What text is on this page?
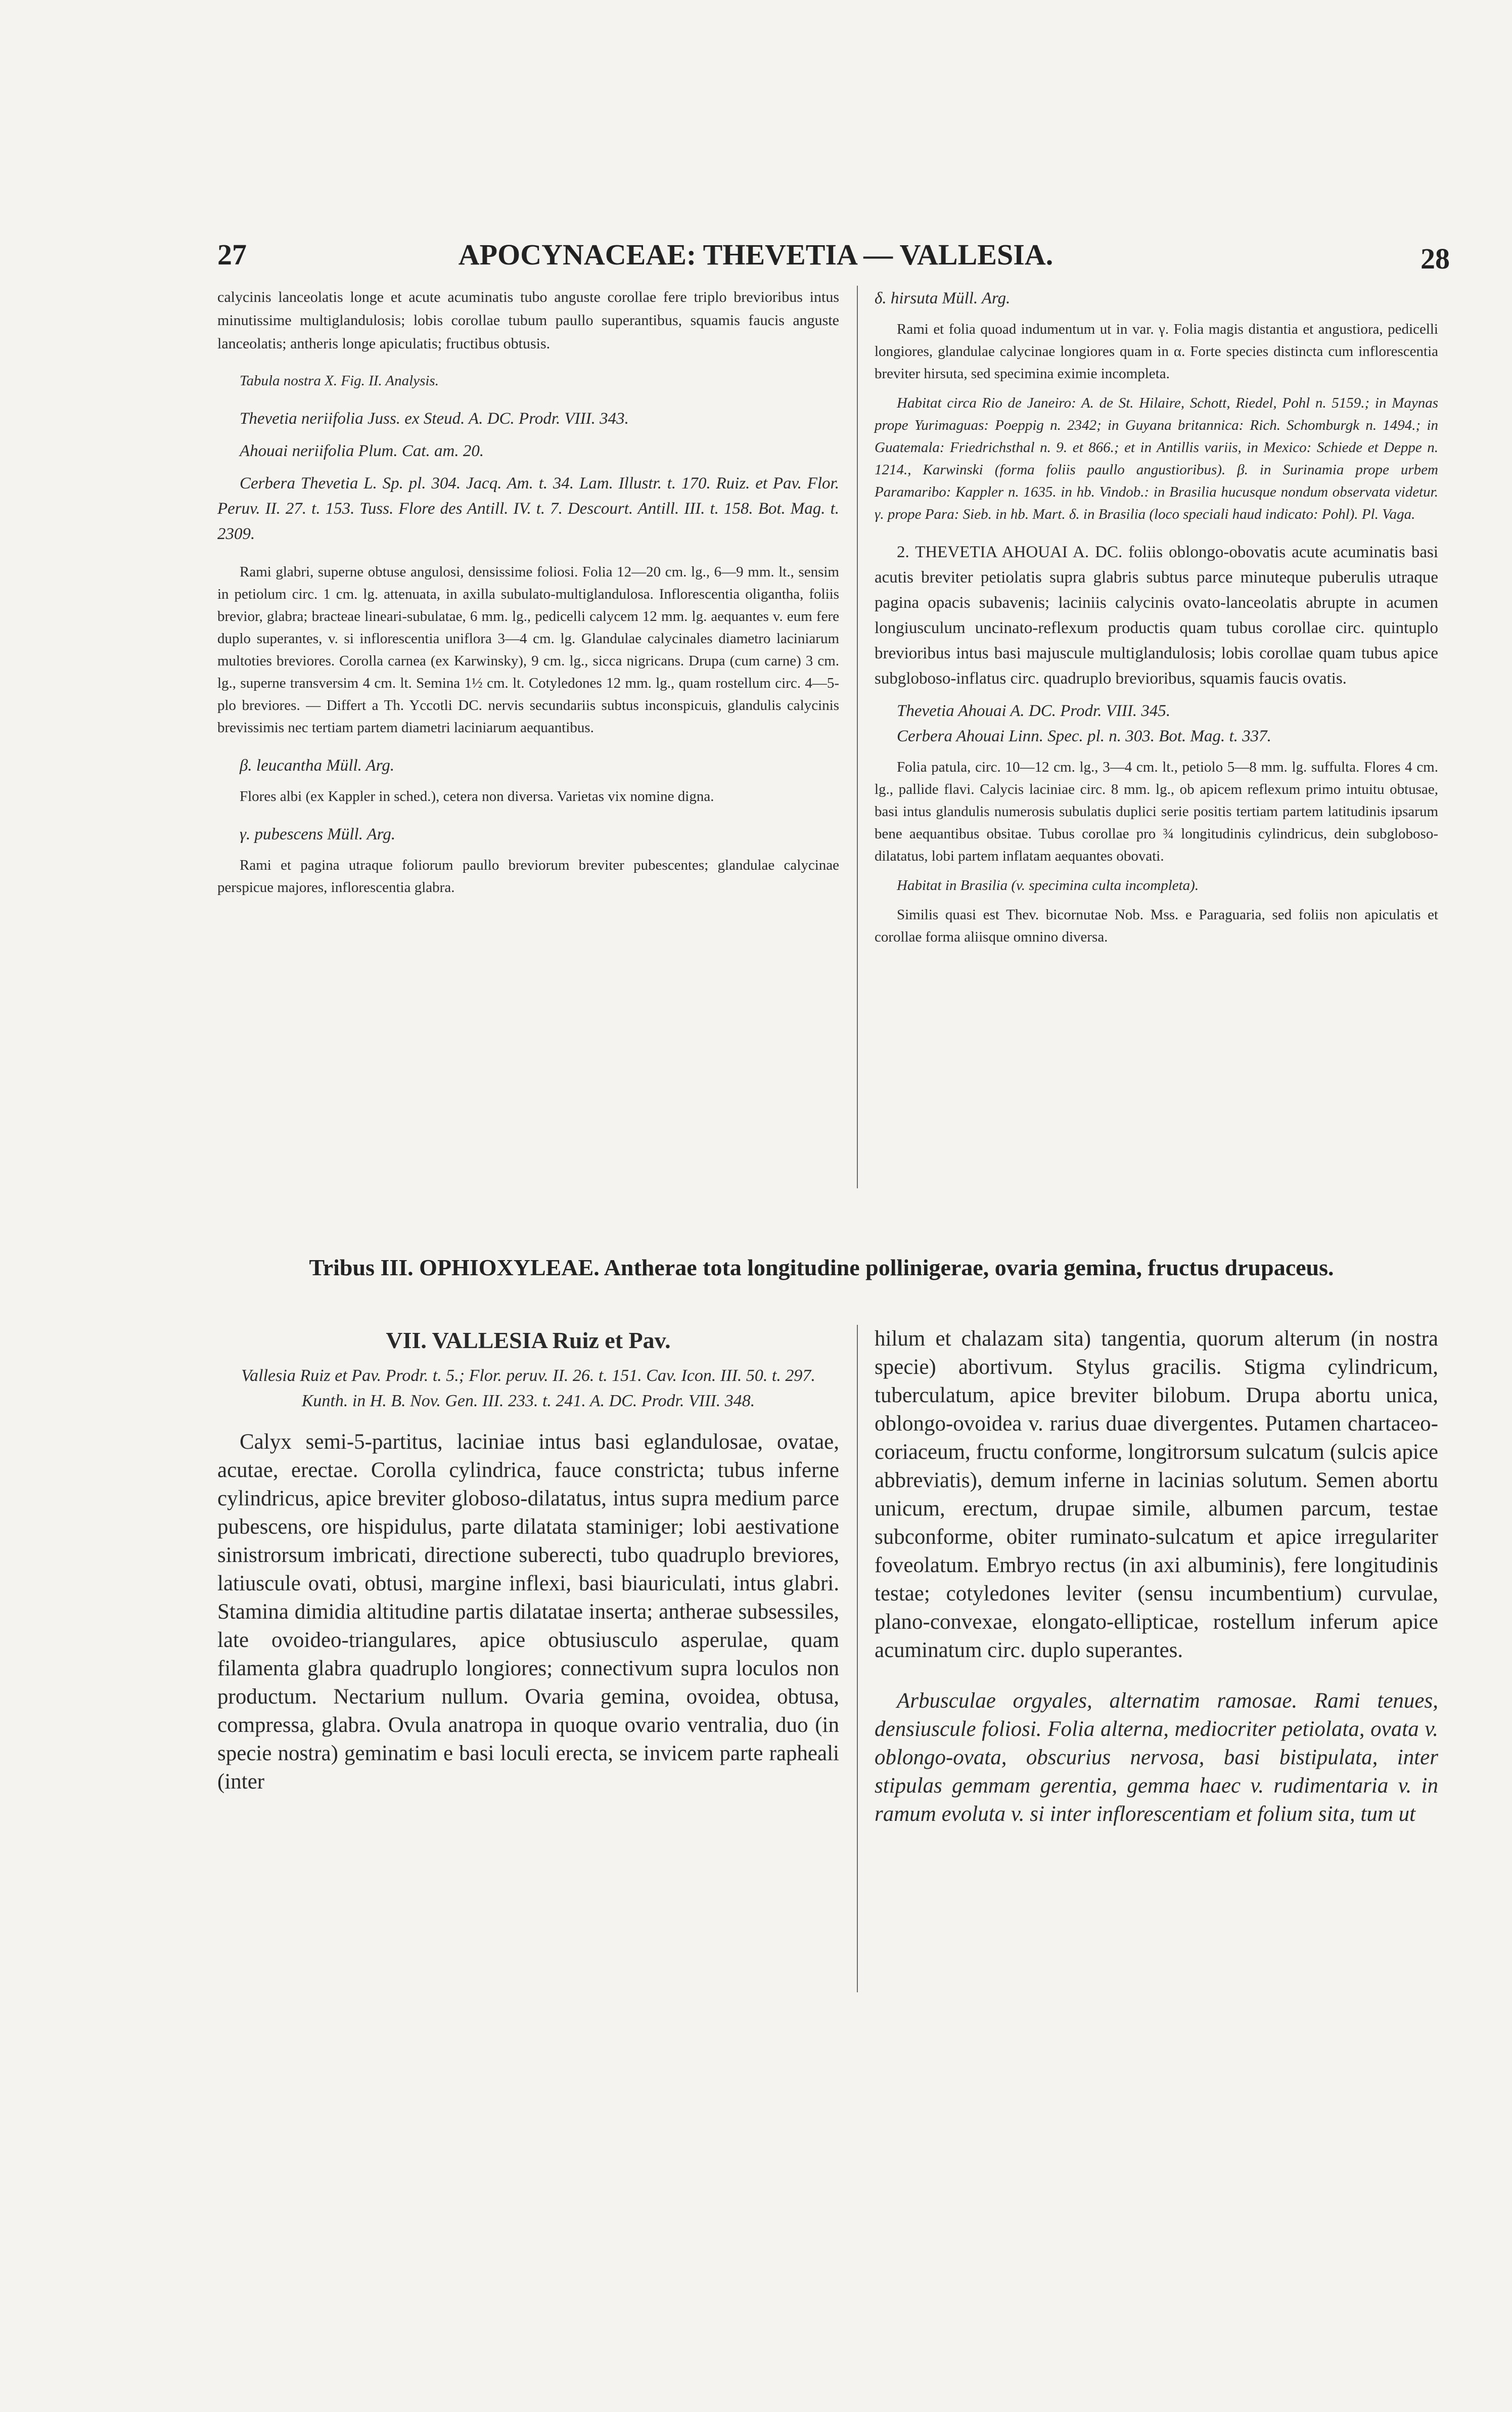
27	APOCYNACEAE: THEVETIA — VALLESIA.	28

calycinis lanceolatis longe et acute acuminatis tubo anguste corollae fere triplo brevioribus intus minutissime multiglandulosis; lobis corollae tubum paullo superantibus, squamis faucis anguste lanceolatis; antheris longe apiculatis; fructibus obtusis.

Tabula nostra X. Fig. II. Analysis.

Thevetia neriifolia Juss. ex Steud. A. DC. Prodr. VIII. 343.

Ahouai neriifolia Plum. Cat. am. 20.

Cerbera Thevetia L. Sp. pl. 304. Jacq. Am. t. 34. Lam. Illustr. t. 170. Ruiz. et Pav. Flor. Peruv. II. 27. t. 153. Tuss. Flore des Antill. IV. t. 7. Descourt. Antill. III. t. 158. Bot. Mag. t. 2309.

Rami glabri, superne obtuse angulosi, densissime foliosi. Folia 12—20 cm. lg., 6—9 mm. lt., sensim in petiolum circ. 1 cm. lg. attenuata, in axilla subulato-multiglandulosa. Inflorescentia oligantha, foliis brevior, glabra; bracteae lineari-subulatae, 6 mm. lg., pedicelli calycem 12 mm. lg. aequantes v. eum fere duplo superantes, v. si inflorescentia uniflora 3—4 cm. lg. Glandulae calycinales diametro laciniarum multoties breviores. Corolla carnea (ex Karwinsky), 9 cm. lg., sicca nigricans. Drupa (cum carne) 3 cm. lg., superne transversim 4 cm. lt. Semina 1½ cm. lt. Cotyledones 12 mm. lg., quam rostellum circ. 4—5-plo breviores. — Differt a Th. Yccotli DC. nervis secundariis subtus inconspicuis, glandulis calycinis brevissimis nec tertiam partem diametri laciniarum aequantibus.

β. leucantha Müll. Arg.

Flores albi (ex Kappler in sched.), cetera non diversa. Varietas vix nomine digna.

γ. pubescens Müll. Arg.

Rami et pagina utraque foliorum paullo breviorum breviter pubescentes; glandulae calycinae perspicue majores, inflorescentia glabra.

δ. hirsuta Müll. Arg.

Rami et folia quoad indumentum ut in var. γ. Folia magis distantia et angustiora, pedicelli longiores, glandulae calycinae longiores quam in α. Forte species distincta cum inflorescentia breviter hirsuta, sed specimina eximie incompleta.

Habitat circa Rio de Janeiro: A. de St. Hilaire, Schott, Riedel, Pohl n. 5159.; in Maynas prope Yurimaguas: Poeppig n. 2342; in Guyana britannica: Rich. Schomburgk n. 1494.; in Guatemala: Friedrichsthal n. 9. et 866.; et in Antillis variis, in Mexico: Schiede et Deppe n. 1214., Karwinski (forma foliis paullo angustioribus). β. in Surinamia prope urbem Paramaribo: Kappler n. 1635. in hb. Vindob.: in Brasilia hucusque nondum observata videtur. γ. prope Para: Sieb. in hb. Mart. δ. in Brasilia (loco speciali haud indicato: Pohl). Pl. Vaga.

2. THEVETIA AHOUAI A. DC. foliis oblongo-obovatis acute acuminatis basi acutis breviter petiolatis supra glabris subtus parce minuteque puberulis utraque pagina opacis subavenis; laciniis calycinis ovato-lanceolatis abrupte in acumen longiusculum uncinato-reflexum productis quam tubus corollae circ. quintuplo brevioribus intus basi majuscule multiglandulosis; lobis corollae quam tubus apice subgloboso-inflatus circ. quadruplo brevioribus, squamis faucis ovatis.

Thevetia Ahouai A. DC. Prodr. VIII. 345.

Cerbera Ahouai Linn. Spec. pl. n. 303. Bot. Mag. t. 337.

Folia patula, circ. 10—12 cm. lg., 3—4 cm. lt., petiolo 5—8 mm. lg. suffulta. Flores 4 cm. lg., pallide flavi. Calycis laciniae circ. 8 mm. lg., ob apicem reflexum primo intuitu obtusae, basi intus glandulis numerosis subulatis duplici serie positis tertiam partem latitudinis ipsarum bene aequantibus obsitae. Tubus corollae pro ¾ longitudinis cylindricus, dein subgloboso-dilatatus, lobi partem inflatam aequantes obovati.

Habitat in Brasilia (v. specimina culta incompleta).

Similis quasi est Thev. bicornutae Nob. Mss. e Paraguaria, sed foliis non apiculatis et corollae forma aliisque omnino diversa.

Tribus III. OPHIOXYLEAE. Antherae tota longitudine pollinigerae, ovaria gemina, fructus drupaceus.

VII. VALLESIA Ruiz et Pav.

Vallesia Ruiz et Pav. Prodr. t. 5.; Flor. peruv. II. 26. t. 151. Cav. Icon. III. 50. t. 297. Kunth. in H. B. Nov. Gen. III. 233. t. 241. A. DC. Prodr. VIII. 348.

Calyx semi-5-partitus, laciniae intus basi eglandulosae, ovatae, acutae, erectae. Corolla cylindrica, fauce constricta; tubus inferne cylindricus, apice breviter globoso-dilatatus, intus supra medium parce pubescens, ore hispidulus, parte dilatata staminiger; lobi aestivatione sinistrorsum imbricati, directione suberecti, tubo quadruplo breviores, latiuscule ovati, obtusi, margine inflexi, basi biauriculati, intus glabri. Stamina dimidia altitudine partis dilatatae inserta; antherae subsessiles, late ovoideo-triangulares, apice obtusiusculo asperulae, quam filamenta glabra quadruplo longiores; connectivum supra loculos non productum. Nectarium nullum. Ovaria gemina, ovoidea, obtusa, compressa, glabra. Ovula anatropa in quoque ovario ventralia, duo (in specie nostra) geminatim e basi loculi erecta, se invicem parte rapheali (inter

hilum et chalazam sita) tangentia, quorum alterum (in nostra specie) abortivum. Stylus gracilis. Stigma cylindricum, tuberculatum, apice breviter bilobum. Drupa abortu unica, oblongo-ovoidea v. rarius duae divergentes. Putamen chartaceo-coriaceum, fructu conforme, longitrorsum sulcatum (sulcis apice abbreviatis), demum inferne in lacinias solutum. Semen abortu unicum, erectum, drupae simile, albumen parcum, testae subconforme, obiter ruminato-sulcatum et apice irregulariter foveolatum. Embryo rectus (in axi albuminis), fere longitudinis testae; cotyledones leviter (sensu incumbentium) curvulae, plano-convexae, elongato-ellipticae, rostellum inferum apice acuminatum circ. duplo superantes.

Arbusculae orgyales, alternatim ramosae. Rami tenues, densiuscule foliosi. Folia alterna, mediocriter petiolata, ovata v. oblongo-ovata, obscurius nervosa, basi bistipulata, inter stipulas gemmam gerentia, gemma haec v. rudimentaria v. in ramum evoluta v. si inter inflorescentiam et folium sita, tum ut
